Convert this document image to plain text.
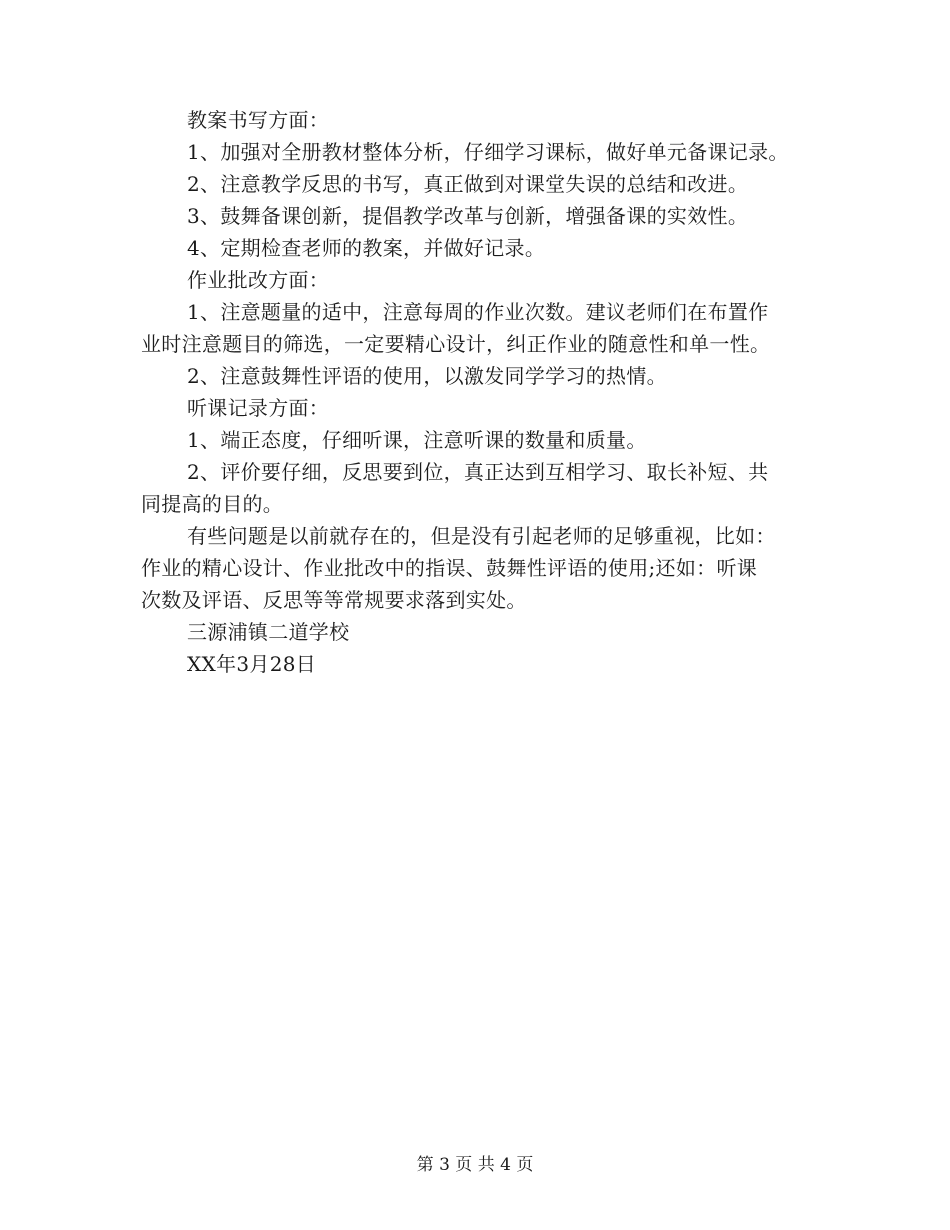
教案书写方面：
1、加强对全册教材整体分析，仔细学习课标，做好单元备课记录。
2、注意教学反思的书写，真正做到对课堂失误的总结和改进。
3、鼓舞备课创新，提倡教学改革与创新，增强备课的实效性。
4、定期检查老师的教案，并做好记录。
作业批改方面：
1、注意题量的适中，注意每周的作业次数。建议老师们在布置作
业时注意题目的筛选，一定要精心设计，纠正作业的随意性和单一性。
2、注意鼓舞性评语的使用，以激发同学学习的热情。
听课记录方面：
1、端正态度，仔细听课，注意听课的数量和质量。
2、评价要仔细，反思要到位，真正达到互相学习、取长补短、共
同提高的目的。
有些问题是以前就存在的，但是没有引起老师的足够重视，比如：
作业的精心设计、作业批改中的指误、鼓舞性评语的使用;还如：听课
次数及评语、反思等等常规要求落到实处。
三源浦镇二道学校
XX年3月28日
第 3 页 共 4 页
